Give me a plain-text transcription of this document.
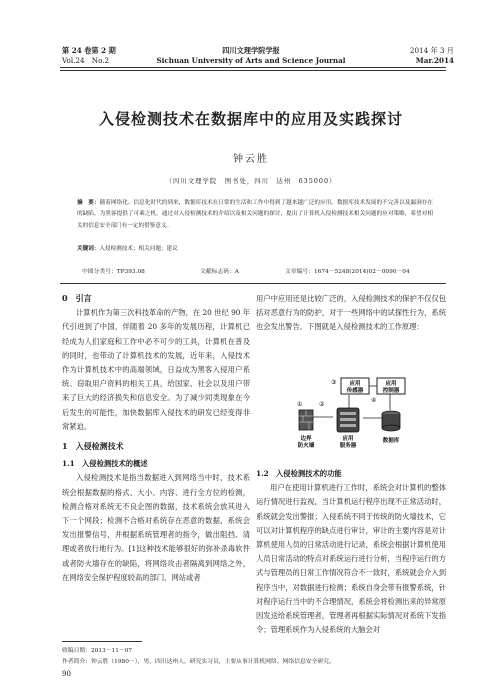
第 24 卷第 2 期
Vol.24　No.2
四川文理学院学报
Sichuan University of Arts and Science Journal
2014 年 3 月
Mar.2014
入侵检测技术在数据库中的应用及实践探讨
钟云胜
（四川文理学院　图书处，四川　达州　635000）
摘　要：随着网络化、信息化时代的到来，数据库技术在日常的生活和工作中得到了越来越广泛的应用，数据库技术发展的不完善以及漏洞存在的缺陷，为黑客提供了可乘之机，通过对入侵检测技术的介绍以及相关问题的探讨，提出了计算机入侵检测技术相关问题的应对策略，希望对相关的信息安全部门有一定的借鉴意义。
关键词：入侵检测技术；相关问题；建议
中图分类号：TP393.08	文献标志码：A	文章编号：1674－5248(2014)02－0090－04
0　引言

计算机作为第三次科技革命的产物，在 20 世纪 90 年代引进到了中国，伴随着 20 多年的发展历程，计算机已经成为人们家庭和工作中必不可少的工具，计算机在普及的同时，也带动了计算机技术的发展，近年来，入侵技术作为计算机技术中的高端领域，日益成为黑客入侵用户系统、窃取用户资料的相关工具，给国家、社会以及用户带来了巨大的经济损失和信息安全。为了减少同类现象在今后发生的可能性，加快数据库入侵技术的研发已经变得非常紧迫。

1　入侵检测技术
1.1　入侵检测技术的概述

入侵检测技术是指当数据进入到网络当中时，技术系统会根据数据的格式、大小、内容、进行全方位的检测，检测合格对系统无不良企图的数据，技术系统会放其进入下一个网段；检测不合格对系统存在恶意的数据，系统会发出报警信号，并根据系统管理者的指令，做出阻挡、清理或者放行地行为。[1]这种技术能够很好的弥补杀毒软件或者防火墙存在的缺陷，将网络攻击者隔离到网络之外，在网络安全保护程度较高的部门、网站或者

用户中应用还是比较广泛的，入侵检测技术的保护不仅仅包括对恶意行为的防护，对于一些网络中的试探性行为，系统也会发出警告。下图就是入侵检测技术的工作原理：

应用
传感器
应用
控制器
③
④
①	②
边界
防火墙
应用
服务器
数据库
1.2　入侵检测技术的功能

用户在使用计算机进行工作时，系统会对计算机的整体运行情况进行监视，当计算机运行程序出现不正常活动时，系统就会发出警报；入侵系统不同于传统的防火墙技术，它可以对计算机程序的缺点进行审计，审计的主要内容是对计算机使用人员的日常活动进行记录，系统会根据计算机使用人员日常活动的特点对系统运行进行分析，当程序运行的方式与管理员的日常工作情况符合不一致时，系统就会介入到程序当中，对数据进行检测；系统自身会带有报警系统，针对程序运行当中的不合理情况，系统会将检测出来的异常原因发送给系统管理者，管理者再根据实际情况对系统下发指令；管理系统作为入侵系统的大脑会对

收稿日期：2013－11－07
作者简介：钟云胜（1980－），男，四川达州人，研究实习员，主要从事计算机网络、网络信息安全研究。
90
